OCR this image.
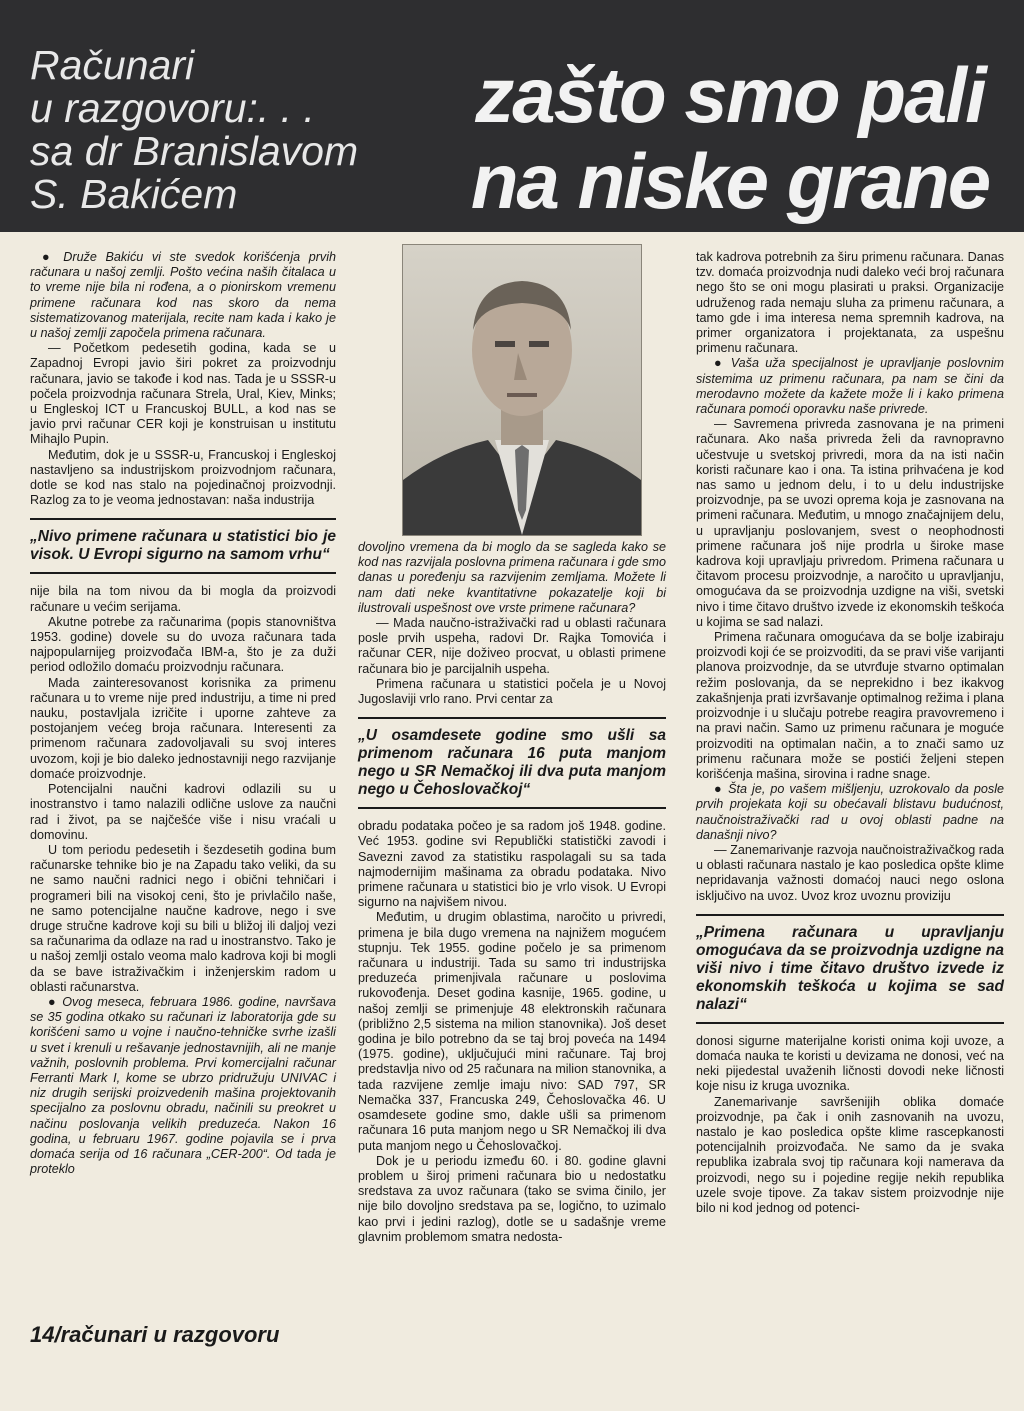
Računari
u razgovoru:. . .
sa dr Branislavom
S. Bakićem
zašto smo pali
na niske grane

● Druže Bakiću vi ste svedok korišćenja prvih računara u našoj zemlji. Pošto većina naših čitalaca u to vreme nije bila ni rođena, a o pionirskom vremenu primene računara kod nas skoro da nema sistematizovanog materijala, recite nam kada i kako je u našoj zemlji započela primena računara.

— Početkom pedesetih godina, kada se u Zapadnoj Evropi javio širi pokret za proizvodnju računara, javio se takođe i kod nas. Tada je u SSSR-u počela proizvodnja računara Strela, Ural, Kiev, Minks; u Engleskoj ICT u Francuskoj BULL, a kod nas se javio prvi računar CER koji je konstruisan u institutu Mihajlo Pupin.

Međutim, dok je u SSSR-u, Francuskoj i Engleskoj nastavljeno sa industrijskom proizvodnjom računara, dotle se kod nas stalo na pojedinačnoj proizvodnji. Razlog za to je veoma jednostavan: naša industrija

„Nivo primene računara u statistici bio je visok. U Evropi sigurno na samom vrhu“

nije bila na tom nivou da bi mogla da proizvodi računare u većim serijama.

Akutne potrebe za računarima (popis stanovništva 1953. godine) dovele su do uvoza računara tada najpopularnijeg proizvođača IBM-a, što je za duži period odložilo domaću proizvodnju računara.

Mada zainteresovanost korisnika za primenu računara u to vreme nije pred industriju, a time ni pred nauku, postavljala izričite i uporne zahteve za postojanjem većeg broja računara. Interesenti za primenom računara zadovoljavali su svoj interes uvozom, koji je bio daleko jednostavniji nego razvijanje domaće proizvodnje.

Potencijalni naučni kadrovi odlazili su u inostranstvo i tamo nalazili odlične uslove za naučni rad i život, pa se najčešće više i nisu vraćali u domovinu.

U tom periodu pedesetih i šezdesetih godina bum računarske tehnike bio je na Zapadu tako veliki, da su ne samo naučni radnici nego i obični tehničari i programeri bili na visokoj ceni, što je privlačilo naše, ne samo potencijalne naučne kadrove, nego i sve druge stručne kadrove koji su bili u bližoj ili daljoj vezi sa računarima da odlaze na rad u inostranstvo. Tako je u našoj zemlji ostalo veoma malo kadrova koji bi mogli da se bave istraživačkim i inženjerskim radom u oblasti računarstva.

● Ovog meseca, februara 1986. godine, navršava se 35 godina otkako su računari iz laboratorija gde su korišćeni samo u vojne i naučno-tehničke svrhe izašli u svet i krenuli u rešavanje jednostavnijih, ali ne manje važnih, poslovnih problema. Prvi komercijalni računar Ferranti Mark I, kome se ubrzo pridružuju UNIVAC i niz drugih serijski proizvedenih mašina projektovanih specijalno za poslovnu obradu, načinili su preokret u načinu poslovanja velikih preduzeća. Nakon 16 godina, u februaru 1967. godine pojavila se i prva domaća serija od 16 računara „CER-200“. Od tada je proteklo

dovoljno vremena da bi moglo da se sagleda kako se kod nas razvijala poslovna primena računara i gde smo danas u poređenju sa razvijenim zemljama. Možete li nam dati neke kvantitativne pokazatelje koji bi ilustrovali uspešnost ove vrste primene računara?

— Mada naučno-istraživački rad u oblasti računara posle prvih uspeha, radovi Dr. Rajka Tomovića i računar CER, nije doživeo procvat, u oblasti primene računara bio je parcijalnih uspeha.

Primena računara u statistici počela je u Novoj Jugoslaviji vrlo rano. Prvi centar za

„U osamdesete godine smo ušli sa primenom računara 16 puta manjom nego u SR Nemačkoj ili dva puta manjom nego u Čehoslovačkoj“

obradu podataka počeo je sa radom još 1948. godine. Već 1953. godine svi Republički statistički zavodi i Savezni zavod za statistiku raspolagali su sa tada najmodernijim mašinama za obradu podataka. Nivo primene računara u statistici bio je vrlo visok. U Evropi sigurno na najvišem nivou.

Međutim, u drugim oblastima, naročito u privredi, primena je bila dugo vremena na najnižem mogućem stupnju. Tek 1955. godine počelo je sa primenom računara u industriji. Tada su samo tri industrijska preduzeća primenjivala računare u poslovima rukovođenja. Deset godina kasnije, 1965. godine, u našoj zemlji se primenjuje 48 elektronskih računara (približno 2,5 sistema na milion stanovnika). Još deset godina je bilo potrebno da se taj broj poveća na 1494 (1975. godine), uključujući mini računare. Taj broj predstavlja nivo od 25 računara na milion stanovnika, a tada razvijene zemlje imaju nivo: SAD 797, SR Nemačka 337, Francuska 249, Čehoslovačka 46. U osamdesete godine smo, dakle ušli sa primenom računara 16 puta manjom nego u SR Nemačkoj ili dva puta manjom nego u Čehoslovačkoj.

Dok je u periodu između 60. i 80. godine glavni problem u široj primeni računara bio u nedostatku sredstava za uvoz računara (tako se svima činilo, jer nije bilo dovoljno sredstava pa se, logično, to uzimalo kao prvi i jedini razlog), dotle se u sadašnje vreme glavnim problemom smatra nedosta-

tak kadrova potrebnih za širu primenu računara. Danas tzv. domaća proizvodnja nudi daleko veći broj računara nego što se oni mogu plasirati u praksi. Organizacije udruženog rada nemaju sluha za primenu računara, a tamo gde i ima interesa nema spremnih kadrova, na primer organizatora i projektanata, za uspešnu primenu računara.

● Vaša uža specijalnost je upravljanje poslovnim sistemima uz primenu računara, pa nam se čini da merodavno možete da kažete može li i kako primena računara pomoći oporavku naše privrede.

— Savremena privreda zasnovana je na primeni računara. Ako naša privreda želi da ravnopravno učestvuje u svetskoj privredi, mora da na isti način koristi računare kao i ona. Ta istina prihvaćena je kod nas samo u jednom delu, i to u delu industrijske proizvodnje, pa se uvozi oprema koja je zasnovana na primeni računara. Međutim, u mnogo značajnijem delu, u upravljanju poslovanjem, svest o neophodnosti primene računara još nije prodrla u široke mase kadrova koji upravljaju privredom. Primena računara u čitavom procesu proizvodnje, a naročito u upravljanju, omogućava da se proizvodnja uzdigne na viši, svetski nivo i time čitavo društvo izvede iz ekonomskih teškoća u kojima se sad nalazi.

Primena računara omogućava da se bolje izabiraju proizvodi koji će se proizvoditi, da se pravi više varijanti planova proizvodnje, da se utvrđuje stvarno optimalan režim poslovanja, da se neprekidno i bez ikakvog zakašnjenja prati izvršavanje optimalnog režima i plana proizvodnje i u slučaju potrebe reagira pravovremeno i na pravi način. Samo uz primenu računara je moguće proizvoditi na optimalan način, a to znači samo uz primenu računara može se postići željeni stepen korišćenja mašina, sirovina i radne snage.

● Šta je, po vašem mišljenju, uzrokovalo da posle prvih projekata koji su obećavali blistavu budućnost, naučnoistraživački rad u ovoj oblasti padne na današnji nivo?

— Zanemarivanje razvoja naučnoistraživačkog rada u oblasti računara nastalo je kao posledica opšte klime nepridavanja važnosti domaćoj nauci nego oslona isključivo na uvoz. Uvoz kroz uvoznu proviziju

„Primena računara u upravljanju omogućava da se proizvodnja uzdigne na viši nivo i time čitavo društvo izvede iz ekonomskih teškoća u kojima se sad nalazi“

donosi sigurne materijalne koristi onima koji uvoze, a domaća nauka te koristi u devizama ne donosi, već na neki pijedestal uvaženih ličnosti dovodi neke ličnosti koje nisu iz kruga uvoznika.

Zanemarivanje savršenijih oblika domaće proizvodnje, pa čak i onih zasnovanih na uvozu, nastalo je kao posledica opšte klime rascepkanosti potencijalnih proizvođača. Ne samo da je svaka republika izabrala svoj tip računara koji namerava da proizvodi, nego su i pojedine regije nekih republika uzele svoje tipove. Za takav sistem proizvodnje nije bilo ni kod jednog od potenci-

14/računari u razgovoru
